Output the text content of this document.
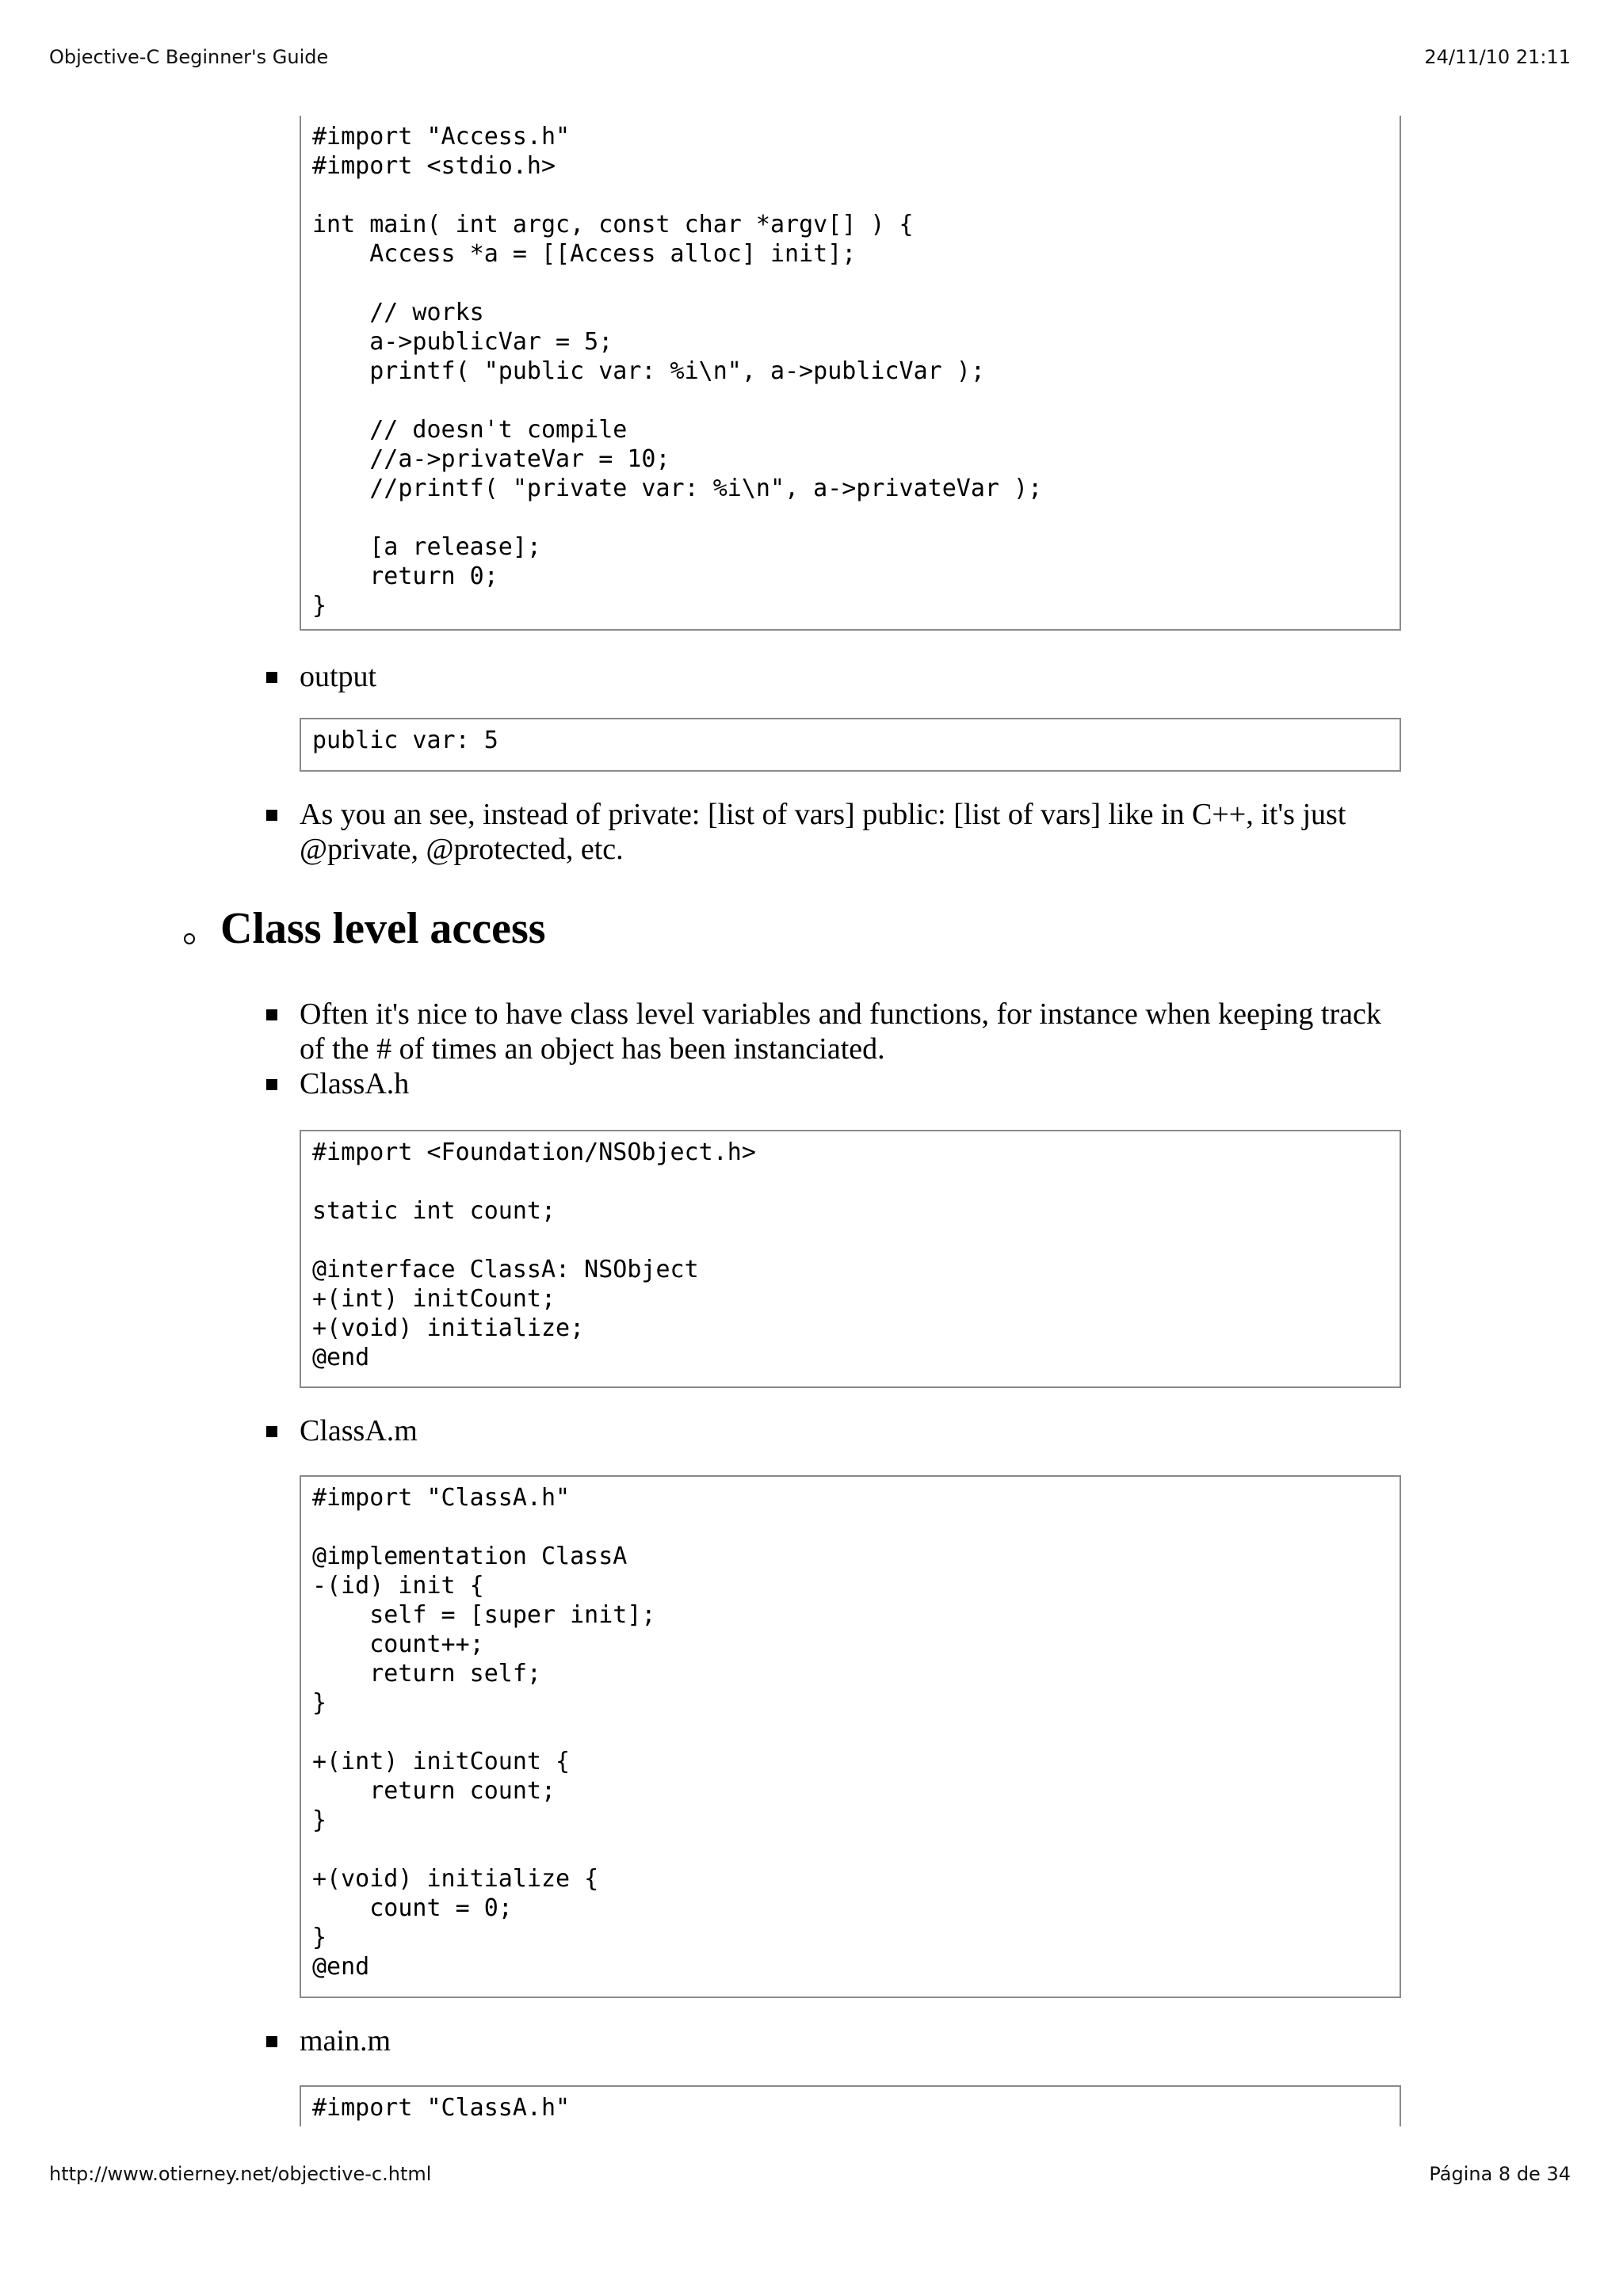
Objective-C Beginner's Guide	24/11/10 21:11
#import "Access.h"
#import <stdio.h>

int main( int argc, const char *argv[] ) {
Access *a = [[Access alloc] init];

// works
a->publicVar = 5;
printf( "public var: %i\n", a->publicVar );

// doesn't compile
//a->privateVar = 10;
//printf( "private var: %i\n", a->privateVar );

[a release];
return 0;
}
output
public var: 5
As you an see, instead of private: [list of vars] public: [list of vars] like in C++, it's just @private, @protected, etc.
Class level access
Often it's nice to have class level variables and functions, for instance when keeping track of the # of times an object has been instanciated.
ClassA.h
#import <Foundation/NSObject.h>

static int count;

@interface ClassA: NSObject
+(int) initCount;
+(void) initialize;
@end
ClassA.m
#import "ClassA.h"

@implementation ClassA
-(id) init {
self = [super init];
count++;
return self;
}

+(int) initCount {
return count;
}

+(void) initialize {
count = 0;
}
@end
main.m
#import "ClassA.h"
http://www.otierney.net/objective-c.html	Página 8 de 34
